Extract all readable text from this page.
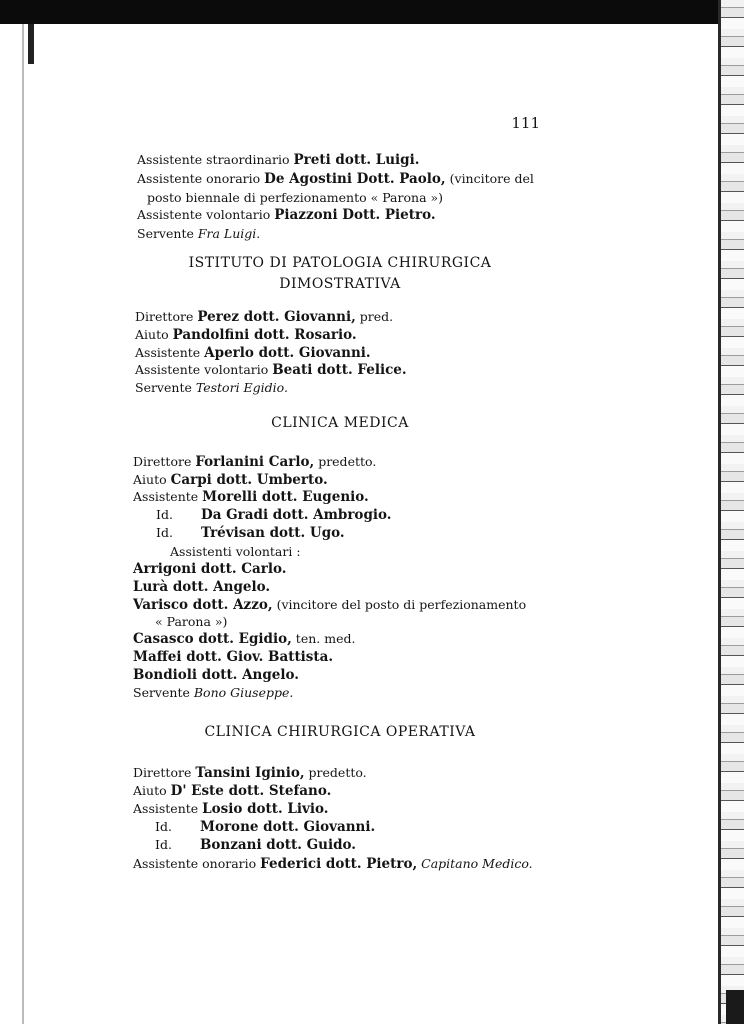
111
Assistente straordinario Preti dott. Luigi.
Assistente onorario De Agostini Dott. Paolo, (vincitore del
posto biennale di perfezionamento « Parona »)
Assistente volontario Piazzoni Dott. Pietro.
Servente Fra Luigi.
ISTITUTO DI PATOLOGIA CHIRURGICA
DIMOSTRATIVA
Direttore Perez dott. Giovanni, pred.
Aiuto Pandolfini dott. Rosario.
Assistente Aperlo dott. Giovanni.
Assistente volontario Beati dott. Felice.
Servente Testori Egidio.
CLINICA MEDICA
Direttore Forlanini Carlo, predetto.
Aiuto Carpi dott. Umberto.
Assistente Morelli dott. Eugenio.
Id. Da Gradi dott. Ambrogio.
Id. Trévisan dott. Ugo.
Assistenti volontari :
Arrigoni dott. Carlo.
Lurà dott. Angelo.
Varisco dott. Azzo, (vincitore del posto di perfezionamento
« Parona »)
Casasco dott. Egidio, ten. med.
Maffei dott. Giov. Battista.
Bondioli dott. Angelo.
Servente Bono Giuseppe.
CLINICA CHIRURGICA OPERATIVA
Direttore Tansini Iginio, predetto.
Aiuto D' Este dott. Stefano.
Assistente Losio dott. Livio.
Id. Morone dott. Giovanni.
Id. Bonzani dott. Guido.
Assistente onorario Federici dott. Pietro, Capitano Medico.
